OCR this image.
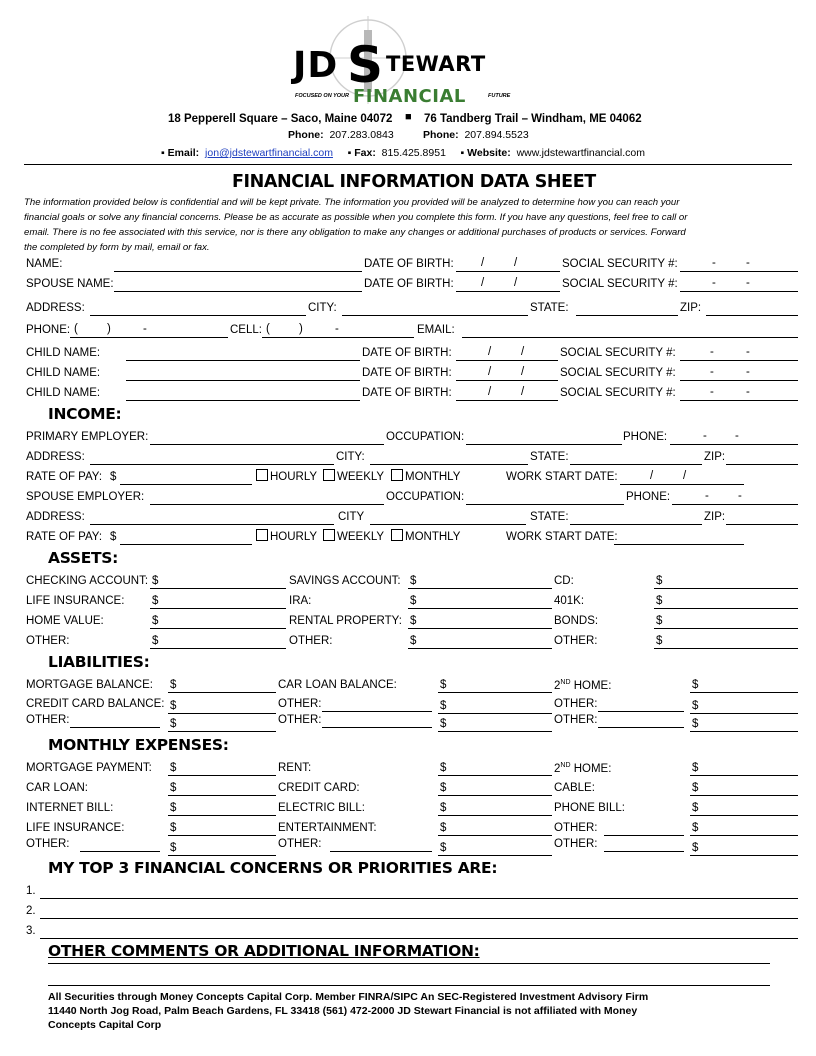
JD S TEWART
FOCUSED ON YOUR FINANCIAL	FUTURE
18 Pepperell Square – Saco, Maine 04072 ■ 76 Tandberg Trail – Windham, ME 04062
Phone: 207.283.0843	Phone: 207.894.5523
▪ Email: jon@jdstewartfinancial.com ▪ Fax: 815.425.8951 ▪ Website: www.jdstewartfinancial.com
FINANCIAL INFORMATION DATA SHEET
The information provided below is confidential and will be kept private. The information you provided will be analyzed to determine how you can reach your
financial goals or solve any financial concerns. Please be as accurate as possible when you complete this form. If you have any questions, feel free to call or
email. There is no fee associated with this service, nor is there any obligation to make any changes or additional purchases of products or services. Forward
the completed by form by mail, email or fax.
NAME:	DATE OF BIRTH: /	/	SOCIAL SECURITY #:	-	-
SPOUSE NAME:	DATE OF BIRTH: /	/	SOCIAL SECURITY #:	-	-
ADDRESS:	CITY:	STATE:	ZIP:
PHONE: (	)	-	CELL: (	)	-	EMAIL:
CHILD NAME:	DATE OF BIRTH:	/	/	SOCIAL SECURITY #:	-	-
CHILD NAME:	DATE OF BIRTH:	/	/	SOCIAL SECURITY #:	-	-
CHILD NAME:	DATE OF BIRTH:	/	/	SOCIAL SECURITY #:	-	-
INCOME:
PRIMARY EMPLOYER:	OCCUPATION:	PHONE:	- -
ADDRESS:	CITY:	STATE:	ZIP:
RATE OF PAY: $	HOURLY	WEEKLY	MONTHLY	WORK START DATE:	/	/
SPOUSE EMPLOYER:	OCCUPATION:	PHONE:	-	-
ADDRESS:	CITY	STATE:	ZIP:
RATE OF PAY: $	HOURLY	WEEKLY	MONTHLY	WORK START DATE:
ASSETS:
CHECKING ACCOUNT: $	SAVINGS ACCOUNT: $	CD:	$
LIFE INSURANCE: $	IRA:	$	401K:	$
HOME VALUE:	$	RENTAL PROPERTY: $	BONDS:	$
OTHER:	$	OTHER:	$	OTHER:	$
LIABILITIES:
MORTGAGE BALANCE: $	CAR LOAN BALANCE:	$	2ND HOME:	$
CREDIT CARD BALANCE: $	OTHER:	$	OTHER:	$
OTHER:	$	OTHER:	$	OTHER:	$
MONTHLY EXPENSES:
MORTGAGE PAYMENT: $	RENT:	$	2ND HOME:	$
CAR LOAN:	$	CREDIT CARD:	$	CABLE:	$
INTERNET BILL:	$	ELECTRIC BILL:	$	PHONE BILL:	$
LIFE INSURANCE:	$	ENTERTAINMENT:	$	OTHER:	$
OTHER:	$	OTHER:	$	OTHER:	$
MY TOP 3 FINANCIAL CONCERNS OR PRIORITIES ARE:
1.
2.
3.
OTHER COMMENTS OR ADDITIONAL INFORMATION:
All Securities through Money Concepts Capital Corp. Member FINRA/SIPC An SEC-Registered Investment Advisory Firm
11440 North Jog Road, Palm Beach Gardens, FL 33418 (561) 472-2000 JD Stewart Financial is not affiliated with Money
Concepts Capital Corp
